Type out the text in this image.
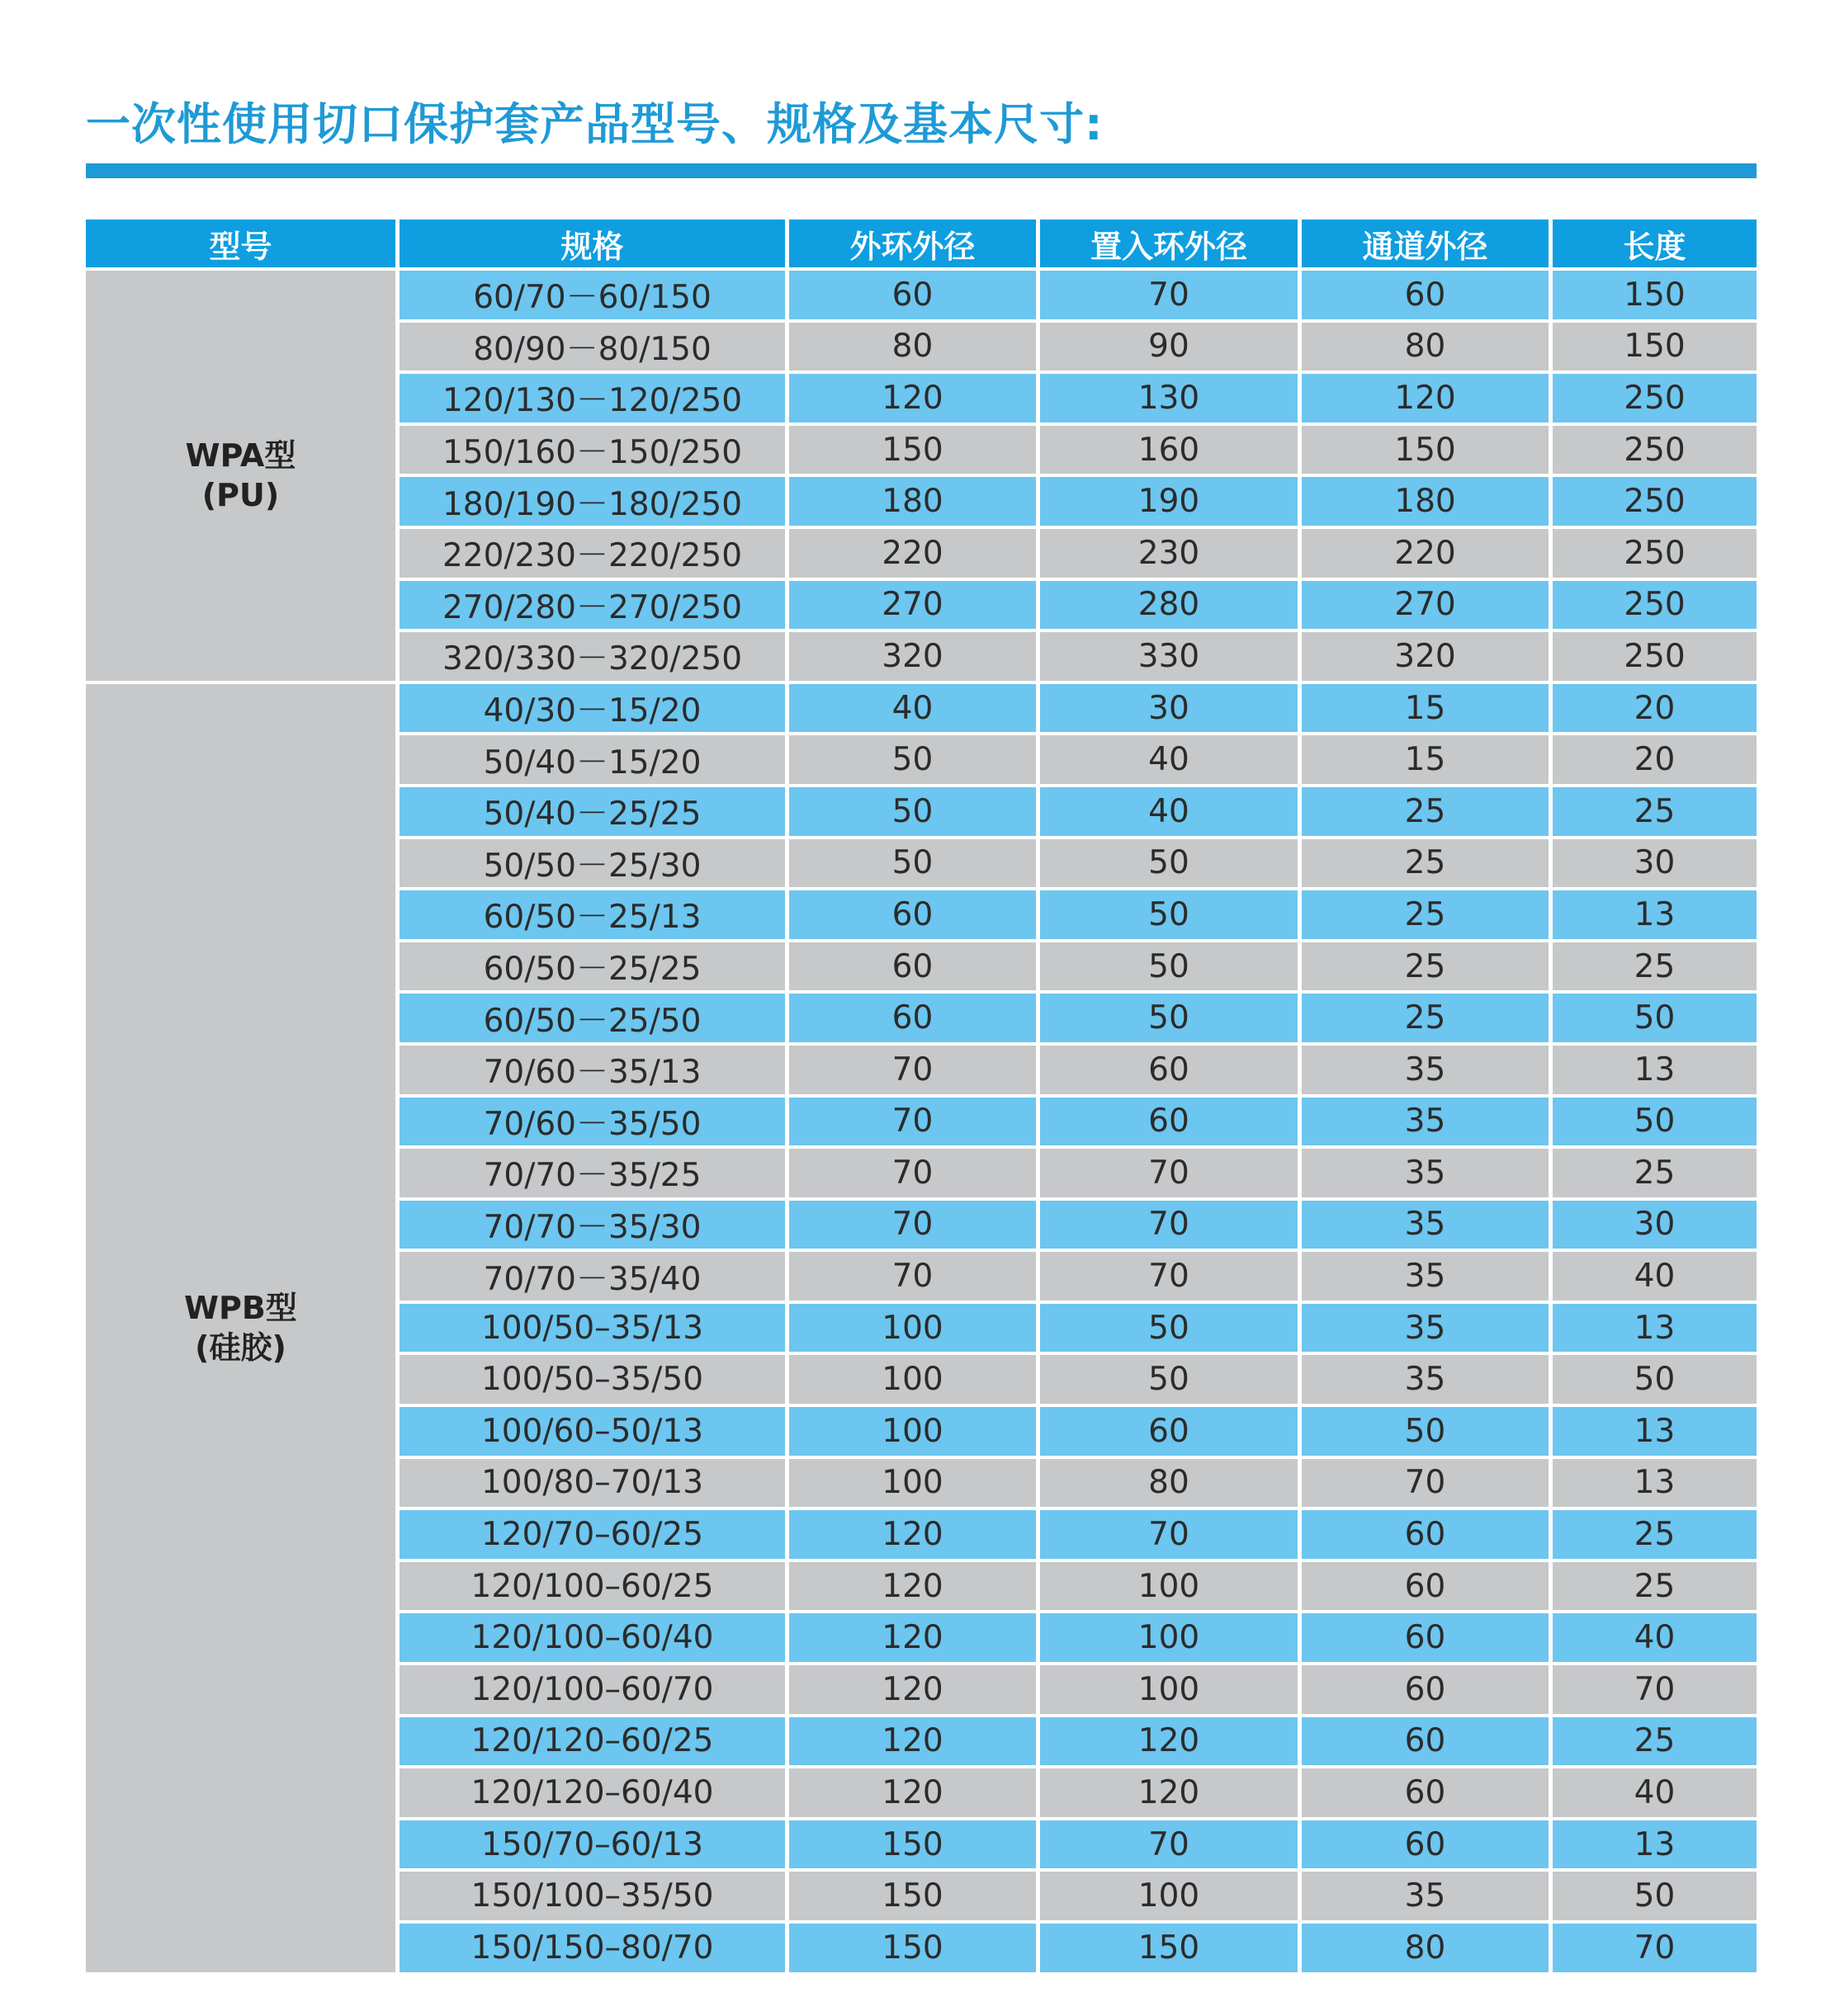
一次性使用切口保护套产品型号、规格及基本尺寸:
型号	规格	外环外径	置入环外径	通道外径	长度

WPA型
(PU)	60/70－60/150	60	70	60	150
	80/90－80/150	80	90	80	150
	120/130－120/250	120	130	120	250
	150/160－150/250	150	160	150	250
	180/190－180/250	180	190	180	250
	220/230－220/250	220	230	220	250
	270/280－270/250	270	280	270	250
	320/330－320/250	320	330	320	250

WPB型
(硅胶)	40/30－15/20	40	30	15	20
	50/40－15/20	50	40	15	20
	50/40－25/25	50	40	25	25
	50/50－25/30	50	50	25	30
	60/50－25/13	60	50	25	13
	60/50－25/25	60	50	25	25
	60/50－25/50	60	50	25	50
	70/60－35/13	70	60	35	13
	70/60－35/50	70	60	35	50
	70/70－35/25	70	70	35	25
	70/70－35/30	70	70	35	30
	70/70－35/40	70	70	35	40
	100/50–35/13	100	50	35	13
	100/50–35/50	100	50	35	50
	100/60–50/13	100	60	50	13
	100/80–70/13	100	80	70	13
	120/70–60/25	120	70	60	25
	120/100–60/25	120	100	60	25
	120/100–60/40	120	100	60	40
	120/100–60/70	120	100	60	70
	120/120–60/25	120	120	60	25
	120/120–60/40	120	120	60	40
	150/70–60/13	150	70	60	13
	150/100–35/50	150	100	35	50
	150/150–80/70	150	150	80	70
